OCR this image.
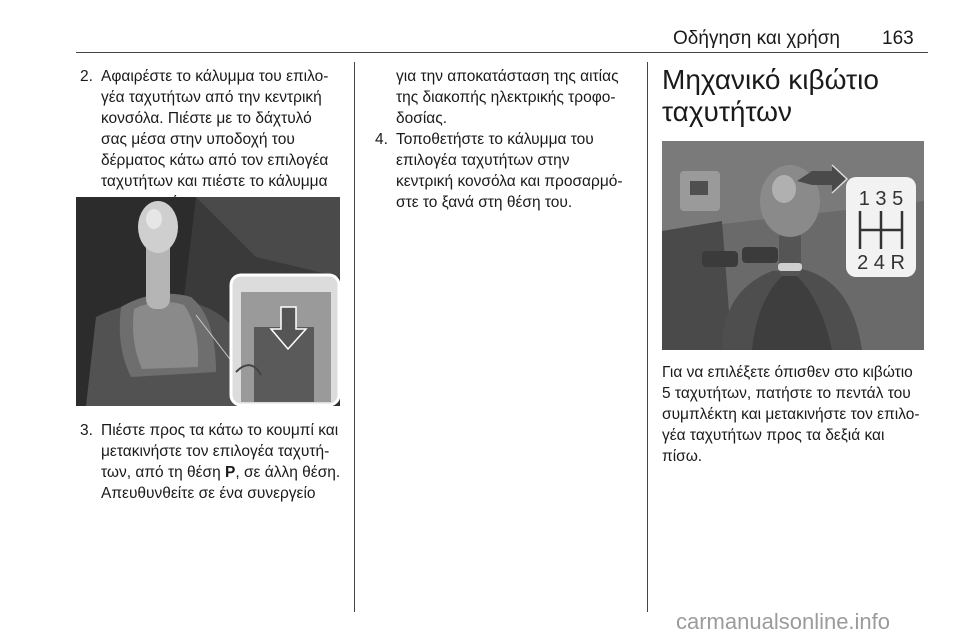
Οδήγηση και χρήση 163
2. Αφαιρέστε το κάλυμμα του επιλο‐
γέα ταχυτήτων από την κεντρική
κονσόλα. Πιέστε με το δάχτυλό
σας μέσα στην υποδοχή του
δέρματος κάτω από τον επιλογέα
ταχυτήτων και πιέστε το κάλυμμα
3. Πιέστε προς τα κάτω το κουμπί και
μετακινήστε τον επιλογέα ταχυτή‐
των, από τη θέση P, σε άλλη θέση.
Απευθυνθείτε σε ένα συνεργείο
για την αποκατάσταση της αιτίας
της διακοπής ηλεκτρικής τροφο‐
δοσίας.
4. Τοποθετήστε το κάλυμμα του
επιλογέα ταχυτήτων στην
κεντρική κονσόλα και προσαρμό‐
στε το ξανά στη θέση του.
Μηχανικό κιβώτιο
ταχυτήτων
1 3 5
2 4 R
Για να επιλέξετε όπισθεν στο κιβώτιο
5 ταχυτήτων, πατήστε το πεντάλ του
συμπλέκτη και μετακινήστε τον επιλο‐
γέα ταχυτήτων προς τα δεξιά και
πίσω.
carmanualsonline.info
